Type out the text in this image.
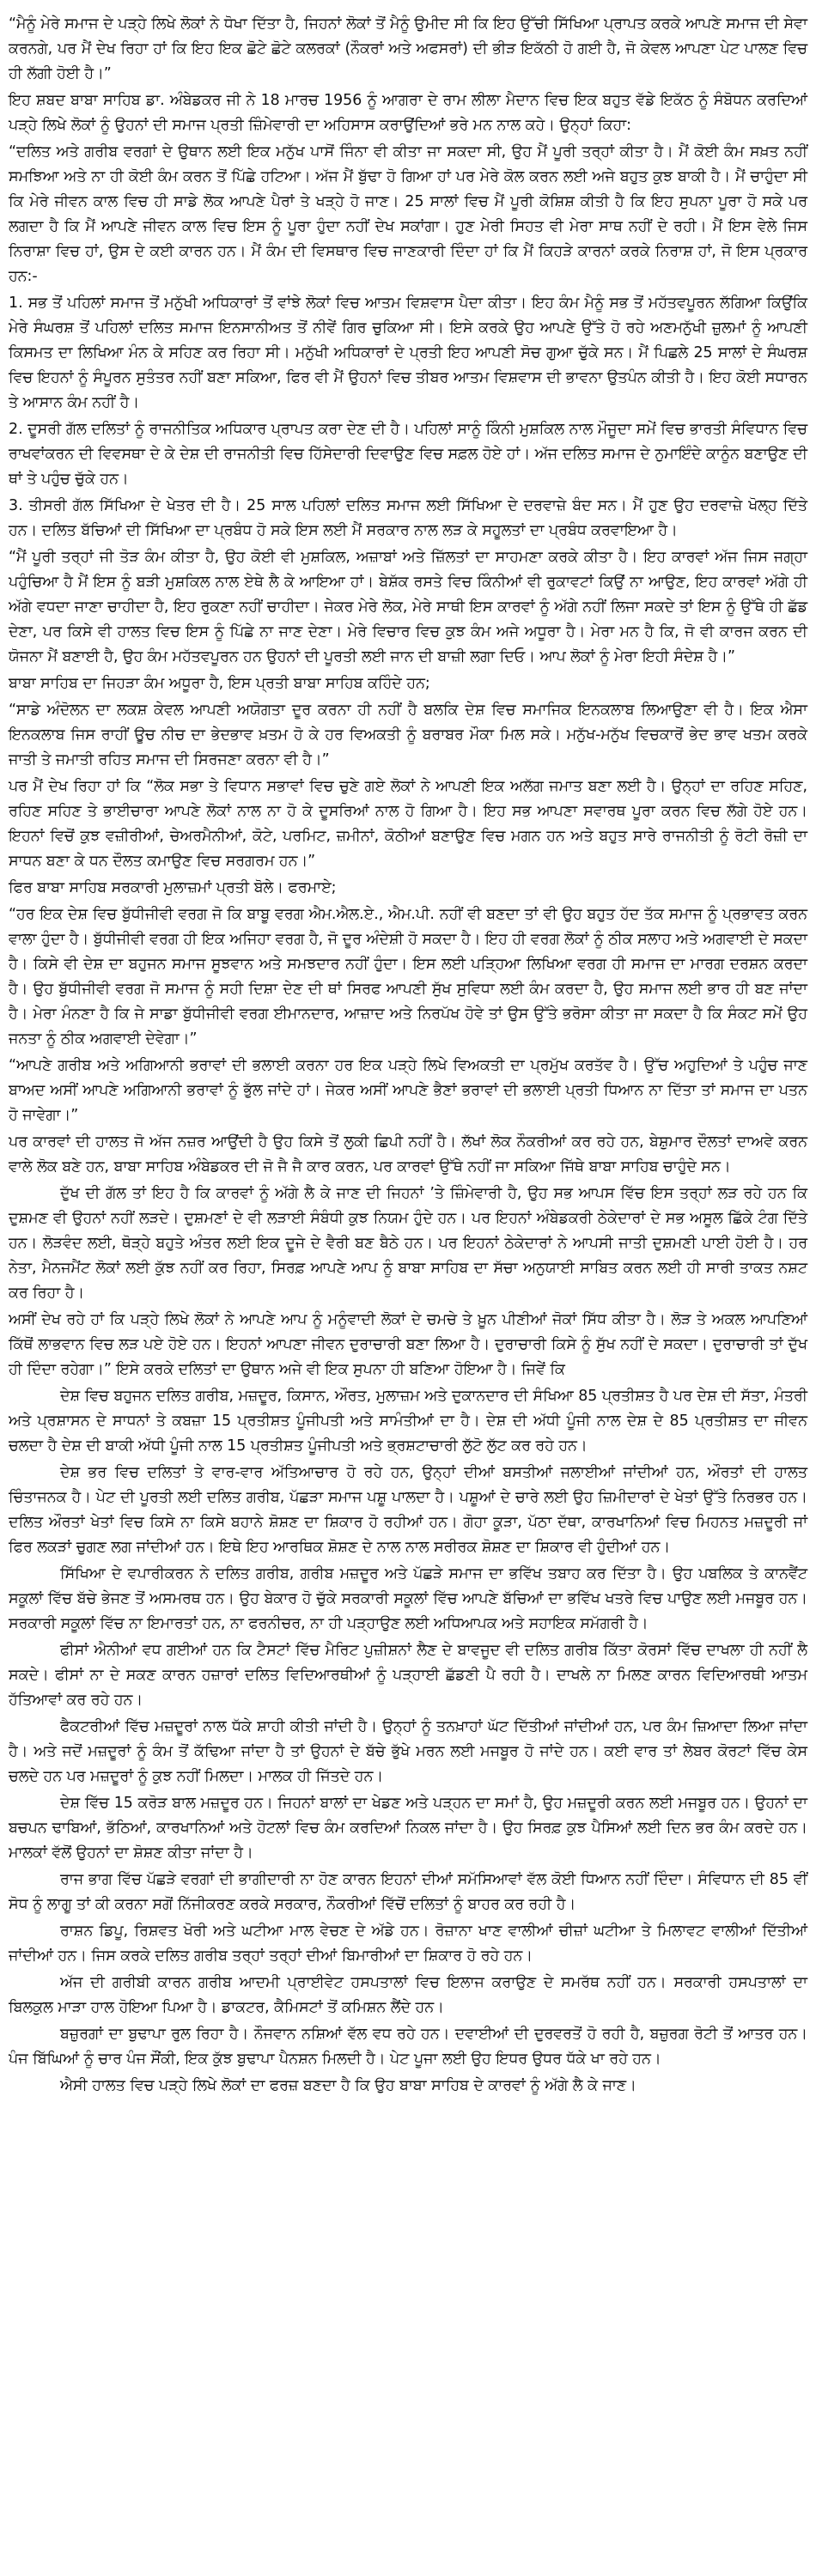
“ਮੈਨੂੰ ਮੇਰੇ ਸਮਾਜ ਦੇ ਪੜ੍ਹੇ ਲਿਖੇ ਲੋਕਾਂ ਨੇ ਧੋਖਾ ਦਿੱਤਾ ਹੈ, ਜਿਹਨਾਂ ਲੋਕਾਂ ਤੋਂ ਮੈਨੂੰ ਉਮੀਦ ਸੀ ਕਿ ਇਹ ਉੱਚੀ ਸਿੱਖਿਆ ਪ੍ਰਾਪਤ ਕਰਕੇ ਆਪਣੇ ਸਮਾਜ ਦੀ ਸੇਵਾ ਕਰਨਗੇ, ਪਰ ਮੈਂ ਦੇਖ ਰਿਹਾ ਹਾਂ ਕਿ ਇਹ ਇਕ ਛੋਟੇ ਛੋਟੇ ਕਲਰਕਾਂ (ਨੌਕਰਾਂ ਅਤੇ ਅਫਸਰਾਂ) ਦੀ ਭੀੜ ਇਕੱਠੀ ਹੋ ਗਈ ਹੈ, ਜੋ ਕੇਵਲ ਆਪਣਾ ਪੇਟ ਪਾਲਣ ਵਿਚ ਹੀ ਲੱਗੀ ਹੋਈ ਹੈ।”

ਇਹ ਸ਼ਬਦ ਬਾਬਾ ਸਾਹਿਬ ਡਾ. ਅੰਬੇਡਕਰ ਜੀ ਨੇ 18 ਮਾਰਚ 1956 ਨੂੰ ਆਗਰਾ ਦੇ ਰਾਮ ਲੀਲਾ ਮੈਦਾਨ ਵਿਚ ਇਕ ਬਹੁਤ ਵੱਡੇ ਇਕੱਠ ਨੂੰ ਸੰਬੋਧਨ ਕਰਦਿਆਂ ਪੜ੍ਹੇ ਲਿਖੇ ਲੋਕਾਂ ਨੂੰ ਉਹਨਾਂ ਦੀ ਸਮਾਜ ਪ੍ਰਤੀ ਜ਼ਿੰਮੇਵਾਰੀ ਦਾ ਅਹਿਸਾਸ ਕਰਾਉਂਦਿਆਂ ਭਰੇ ਮਨ ਨਾਲ ਕਹੇ। ਉਨ੍ਹਾਂ ਕਿਹਾ:

“ਦਲਿਤ ਅਤੇ ਗਰੀਬ ਵਰਗਾਂ ਦੇ ਉਥਾਨ ਲਈ ਇਕ ਮਨੁੱਖ ਪਾਸੋਂ ਜਿੰਨਾ ਵੀ ਕੀਤਾ ਜਾ ਸਕਦਾ ਸੀ, ਉਹ ਮੈਂ ਪੂਰੀ ਤਰ੍ਹਾਂ ਕੀਤਾ ਹੈ। ਮੈਂ ਕੋਈ ਕੰਮ ਸਖ਼ਤ ਨਹੀਂ ਸਮਝਿਆ ਅਤੇ ਨਾ ਹੀ ਕੋਈ ਕੰਮ ਕਰਨ ਤੋਂ ਪਿੱਛੇ ਹਟਿਆ। ਅੱਜ ਮੈਂ ਬੁੱਢਾ ਹੋ ਗਿਆ ਹਾਂ ਪਰ ਮੇਰੇ ਕੋਲ ਕਰਨ ਲਈ ਅਜੇ ਬਹੁਤ ਕੁਝ ਬਾਕੀ ਹੈ। ਮੈਂ ਚਾਹੁੰਦਾ ਸੀ ਕਿ ਮੇਰੇ ਜੀਵਨ ਕਾਲ ਵਿਚ ਹੀ ਸਾਡੇ ਲੋਕ ਆਪਣੇ ਪੈਰਾਂ ਤੇ ਖੜ੍ਹੇ ਹੋ ਜਾਣ। 25 ਸਾਲਾਂ ਵਿਚ ਮੈਂ ਪੂਰੀ ਕੋਸ਼ਿਸ਼ ਕੀਤੀ ਹੈ ਕਿ ਇਹ ਸੁਪਨਾ ਪੂਰਾ ਹੋ ਸਕੇ ਪਰ ਲਗਦਾ ਹੈ ਕਿ ਮੈਂ ਆਪਣੇ ਜੀਵਨ ਕਾਲ ਵਿਚ ਇਸ ਨੂੰ ਪੂਰਾ ਹੁੰਦਾ ਨਹੀਂ ਦੇਖ ਸਕਾਂਗਾ। ਹੁਣ ਮੇਰੀ ਸਿਹਤ ਵੀ ਮੇਰਾ ਸਾਥ ਨਹੀਂ ਦੇ ਰਹੀ। ਮੈਂ ਇਸ ਵੇਲੇ ਜਿਸ ਨਿਰਾਸ਼ਾ ਵਿਚ ਹਾਂ, ਉਸ ਦੇ ਕਈ ਕਾਰਨ ਹਨ। ਮੈਂ ਕੰਮ ਦੀ ਵਿਸਥਾਰ ਵਿਚ ਜਾਣਕਾਰੀ ਦਿੰਦਾ ਹਾਂ ਕਿ ਮੈਂ ਕਿਹੜੇ ਕਾਰਨਾਂ ਕਰਕੇ ਨਿਰਾਸ਼ ਹਾਂ, ਜੋ ਇਸ ਪ੍ਰਕਾਰ ਹਨ:-

1. ਸਭ ਤੋਂ ਪਹਿਲਾਂ ਸਮਾਜ ਤੋਂ ਮਨੁੱਖੀ ਅਧਿਕਾਰਾਂ ਤੋਂ ਵਾਂਝੇ ਲੋਕਾਂ ਵਿਚ ਆਤਮ ਵਿਸ਼ਵਾਸ ਪੈਦਾ ਕੀਤਾ। ਇਹ ਕੰਮ ਮੈਨੂੰ ਸਭ ਤੋਂ ਮਹੱਤਵਪੂਰਨ ਲੱਗਿਆ ਕਿਉਂਕਿ ਮੇਰੇ ਸੰਘਰਸ਼ ਤੋਂ ਪਹਿਲਾਂ ਦਲਿਤ ਸਮਾਜ ਇਨਸਾਨੀਅਤ ਤੋਂ ਨੀਵੇਂ ਗਿਰ ਚੁਕਿਆ ਸੀ। ਇਸੇ ਕਰਕੇ ਉਹ ਆਪਣੇ ਉੱਤੇ ਹੋ ਰਹੇ ਅਣਮਨੁੱਖੀ ਜ਼ੁਲਮਾਂ ਨੂੰ ਆਪਣੀ ਕਿਸਮਤ ਦਾ ਲਿਖਿਆ ਮੰਨ ਕੇ ਸਹਿਣ ਕਰ ਰਿਹਾ ਸੀ। ਮਨੁੱਖੀ ਅਧਿਕਾਰਾਂ ਦੇ ਪ੍ਰਤੀ ਇਹ ਆਪਣੀ ਸੋਚ ਗੁਆ ਚੁੱਕੇ ਸਨ। ਮੈਂ ਪਿਛਲੇ 25 ਸਾਲਾਂ ਦੇ ਸੰਘਰਸ਼ ਵਿਚ ਇਹਨਾਂ ਨੂੰ ਸੰਪੂਰਨ ਸੁਤੰਤਰ ਨਹੀਂ ਬਣਾ ਸਕਿਆ, ਫਿਰ ਵੀ ਮੈਂ ਉਹਨਾਂ ਵਿਚ ਤੀਬਰ ਆਤਮ ਵਿਸ਼ਵਾਸ ਦੀ ਭਾਵਨਾ ਉਤਪੰਨ ਕੀਤੀ ਹੈ। ਇਹ ਕੋਈ ਸਧਾਰਨ ਤੇ ਆਸਾਨ ਕੰਮ ਨਹੀਂ ਹੈ।

2. ਦੂਸਰੀ ਗੱਲ ਦਲਿਤਾਂ ਨੂੰ ਰਾਜਨੀਤਿਕ ਅਧਿਕਾਰ ਪ੍ਰਾਪਤ ਕਰਾ ਦੇਣ ਦੀ ਹੈ। ਪਹਿਲਾਂ ਸਾਨੂੰ ਕਿੰਨੀ ਮੁਸ਼ਕਿਲ ਨਾਲ ਮੌਜੂਦਾ ਸਮੇਂ ਵਿਚ ਭਾਰਤੀ ਸੰਵਿਧਾਨ ਵਿਚ ਰਾਖਵਾਂਕਰਨ ਦੀ ਵਿਵਸਥਾ ਦੇ ਕੇ ਦੇਸ਼ ਦੀ ਰਾਜਨੀਤੀ ਵਿਚ ਹਿੱਸੇਦਾਰੀ ਦਿਵਾਉਣ ਵਿਚ ਸਫ਼ਲ ਹੋਏ ਹਾਂ। ਅੱਜ ਦਲਿਤ ਸਮਾਜ ਦੇ ਨੁਮਾਇੰਦੇ ਕਾਨੂੰਨ ਬਣਾਉਣ ਦੀ ਥਾਂ ਤੇ ਪਹੁੰਚ ਚੁੱਕੇ ਹਨ।

3. ਤੀਸਰੀ ਗੱਲ ਸਿੱਖਿਆ ਦੇ ਖੇਤਰ ਦੀ ਹੈ। 25 ਸਾਲ ਪਹਿਲਾਂ ਦਲਿਤ ਸਮਾਜ ਲਈ ਸਿੱਖਿਆ ਦੇ ਦਰਵਾਜ਼ੇ ਬੰਦ ਸਨ। ਮੈਂ ਹੁਣ ਉਹ ਦਰਵਾਜ਼ੇ ਖੋਲ੍ਹ ਦਿੱਤੇ ਹਨ। ਦਲਿਤ ਬੱਚਿਆਂ ਦੀ ਸਿੱਖਿਆ ਦਾ ਪ੍ਰਬੰਧ ਹੋ ਸਕੇ ਇਸ ਲਈ ਮੈਂ ਸਰਕਾਰ ਨਾਲ ਲੜ ਕੇ ਸਹੂਲਤਾਂ ਦਾ ਪ੍ਰਬੰਧ ਕਰਵਾਇਆ ਹੈ।

“ਮੈਂ ਪੂਰੀ ਤਰ੍ਹਾਂ ਜੀ ਤੋੜ ਕੰਮ ਕੀਤਾ ਹੈ, ਉਹ ਕੋਈ ਵੀ ਮੁਸ਼ਕਿਲ, ਅਜ਼ਾਬਾਂ ਅਤੇ ਜ਼ਿੱਲਤਾਂ ਦਾ ਸਾਹਮਣਾ ਕਰਕੇ ਕੀਤਾ ਹੈ। ਇਹ ਕਾਰਵਾਂ ਅੱਜ ਜਿਸ ਜਗ੍ਹਾ ਪਹੁੰਚਿਆ ਹੈ ਮੈਂ ਇਸ ਨੂੰ ਬੜੀ ਮੁਸ਼ਕਿਲ ਨਾਲ ਏਥੇ ਲੈ ਕੇ ਆਇਆ ਹਾਂ। ਬੇਸ਼ੱਕ ਰਸਤੇ ਵਿਚ ਕਿੰਨੀਆਂ ਵੀ ਰੁਕਾਵਟਾਂ ਕਿਉਂ ਨਾ ਆਉਣ, ਇਹ ਕਾਰਵਾਂ ਅੱਗੇ ਹੀ ਅੱਗੇ ਵਧਦਾ ਜਾਣਾ ਚਾਹੀਦਾ ਹੈ, ਇਹ ਰੁਕਣਾ ਨਹੀਂ ਚਾਹੀਦਾ। ਜੇਕਰ ਮੇਰੇ ਲੋਕ, ਮੇਰੇ ਸਾਥੀ ਇਸ ਕਾਰਵਾਂ ਨੂੰ ਅੱਗੇ ਨਹੀਂ ਲਿਜਾ ਸਕਦੇ ਤਾਂ ਇਸ ਨੂੰ ਉੱਥੇ ਹੀ ਛੱਡ ਦੇਣਾ, ਪਰ ਕਿਸੇ ਵੀ ਹਾਲਤ ਵਿਚ ਇਸ ਨੂੰ ਪਿੱਛੇ ਨਾ ਜਾਣ ਦੇਣਾ। ਮੇਰੇ ਵਿਚਾਰ ਵਿਚ ਕੁਝ ਕੰਮ ਅਜੇ ਅਧੂਰਾ ਹੈ। ਮੇਰਾ ਮਨ ਹੈ ਕਿ, ਜੋ ਵੀ ਕਾਰਜ ਕਰਨ ਦੀ ਯੋਜਨਾ ਮੈਂ ਬਣਾਈ ਹੈ, ਉਹ ਕੰਮ ਮਹੱਤਵਪੂਰਨ ਹਨ ਉਹਨਾਂ ਦੀ ਪੂਰਤੀ ਲਈ ਜਾਨ ਦੀ ਬਾਜ਼ੀ ਲਗਾ ਦਿਓ। ਆਪ ਲੋਕਾਂ ਨੂੰ ਮੇਰਾ ਇਹੀ ਸੰਦੇਸ਼ ਹੈ।”

ਬਾਬਾ ਸਾਹਿਬ ਦਾ ਜਿਹੜਾ ਕੰਮ ਅਧੂਰਾ ਹੈ, ਇਸ ਪ੍ਰਤੀ ਬਾਬਾ ਸਾਹਿਬ ਕਹਿੰਦੇ ਹਨ;

“ਸਾਡੇ ਅੰਦੋਲਨ ਦਾ ਲਕਸ਼ ਕੇਵਲ ਆਪਣੀ ਅਯੋਗਤਾ ਦੂਰ ਕਰਨਾ ਹੀ ਨਹੀਂ ਹੈ ਬਲਕਿ ਦੇਸ਼ ਵਿਚ ਸਮਾਜਿਕ ਇਨਕਲਾਬ ਲਿਆਉਣਾ ਵੀ ਹੈ। ਇਕ ਐਸਾ ਇਨਕਲਾਬ ਜਿਸ ਰਾਹੀਂ ਊਚ ਨੀਚ ਦਾ ਭੇਦਭਾਵ ਖ਼ਤਮ ਹੋ ਕੇ ਹਰ ਵਿਅਕਤੀ ਨੂੰ ਬਰਾਬਰ ਮੌਕਾ ਮਿਲ ਸਕੇ। ਮਨੁੱਖ-ਮਨੁੱਖ ਵਿਚਕਾਰੋਂ ਭੇਦ ਭਾਵ ਖਤਮ ਕਰਕੇ ਜਾਤੀ ਤੇ ਜਮਾਤੀ ਰਹਿਤ ਸਮਾਜ ਦੀ ਸਿਰਜਣਾ ਕਰਨਾ ਵੀ ਹੈ।”

ਪਰ ਮੈਂ ਦੇਖ ਰਿਹਾ ਹਾਂ ਕਿ “ਲੋਕ ਸਭਾ ਤੇ ਵਿਧਾਨ ਸਭਾਵਾਂ ਵਿਚ ਚੁਣੇ ਗਏ ਲੋਕਾਂ ਨੇ ਆਪਣੀ ਇਕ ਅਲੱਗ ਜਮਾਤ ਬਣਾ ਲਈ ਹੈ। ਉਨ੍ਹਾਂ ਦਾ ਰਹਿਣ ਸਹਿਣ, ਰਹਿਣ ਸਹਿਣ ਤੇ ਭਾਈਚਾਰਾ ਆਪਣੇ ਲੋਕਾਂ ਨਾਲ ਨਾ ਹੋ ਕੇ ਦੂਸਰਿਆਂ ਨਾਲ ਹੋ ਗਿਆ ਹੈ। ਇਹ ਸਭ ਆਪਣਾ ਸਵਾਰਥ ਪੂਰਾ ਕਰਨ ਵਿਚ ਲੱਗੇ ਹੋਏ ਹਨ। ਇਹਨਾਂ ਵਿਚੋਂ ਕੁਝ ਵਜ਼ੀਰੀਆਂ, ਚੇਅਰਮੈਨੀਆਂ, ਕੋਟੇ, ਪਰਮਿਟ, ਜ਼ਮੀਨਾਂ, ਕੋਠੀਆਂ ਬਣਾਉਣ ਵਿਚ ਮਗਨ ਹਨ ਅਤੇ ਬਹੁਤ ਸਾਰੇ ਰਾਜਨੀਤੀ ਨੂੰ ਰੋਟੀ ਰੋਜ਼ੀ ਦਾ ਸਾਧਨ ਬਣਾ ਕੇ ਧਨ ਦੌਲਤ ਕਮਾਉਣ ਵਿਚ ਸਰਗਰਮ ਹਨ।”

ਫਿਰ ਬਾਬਾ ਸਾਹਿਬ ਸਰਕਾਰੀ ਮੁਲਾਜ਼ਮਾਂ ਪ੍ਰਤੀ ਬੋਲੇ। ਫਰਮਾਏ;

“ਹਰ ਇਕ ਦੇਸ਼ ਵਿਚ ਬੁੱਧੀਜੀਵੀ ਵਰਗ ਜੋ ਕਿ ਬਾਬੂ ਵਰਗ ਐਮ.ਐਲ.ਏ., ਐਮ.ਪੀ. ਨਹੀਂ ਵੀ ਬਣਦਾ ਤਾਂ ਵੀ ਉਹ ਬਹੁਤ ਹੱਦ ਤੱਕ ਸਮਾਜ ਨੂੰ ਪ੍ਰਭਾਵਤ ਕਰਨ ਵਾਲਾ ਹੁੰਦਾ ਹੈ। ਬੁੱਧੀਜੀਵੀ ਵਰਗ ਹੀ ਇਕ ਅਜਿਹਾ ਵਰਗ ਹੈ, ਜੋ ਦੂਰ ਅੰਦੇਸ਼ੀ ਹੋ ਸਕਦਾ ਹੈ। ਇਹ ਹੀ ਵਰਗ ਲੋਕਾਂ ਨੂੰ ਠੀਕ ਸਲਾਹ ਅਤੇ ਅਗਵਾਈ ਦੇ ਸਕਦਾ ਹੈ। ਕਿਸੇ ਵੀ ਦੇਸ਼ ਦਾ ਬਹੁਜਨ ਸਮਾਜ ਸੂਝਵਾਨ ਅਤੇ ਸਮਝਦਾਰ ਨਹੀਂ ਹੁੰਦਾ। ਇਸ ਲਈ ਪੜ੍ਹਿਆ ਲਿਖਿਆ ਵਰਗ ਹੀ ਸਮਾਜ ਦਾ ਮਾਰਗ ਦਰਸ਼ਨ ਕਰਦਾ ਹੈ। ਉਹ ਬੁੱਧੀਜੀਵੀ ਵਰਗ ਜੋ ਸਮਾਜ ਨੂੰ ਸਹੀ ਦਿਸ਼ਾ ਦੇਣ ਦੀ ਥਾਂ ਸਿਰਫ ਆਪਣੀ ਸੁੱਖ ਸੁਵਿਧਾ ਲਈ ਕੰਮ ਕਰਦਾ ਹੈ, ਉਹ ਸਮਾਜ ਲਈ ਭਾਰ ਹੀ ਬਣ ਜਾਂਦਾ ਹੈ। ਮੇਰਾ ਮੰਨਣਾ ਹੈ ਕਿ ਜੇ ਸਾਡਾ ਬੁੱਧੀਜੀਵੀ ਵਰਗ ਈਮਾਨਦਾਰ, ਆਜ਼ਾਦ ਅਤੇ ਨਿਰਪੱਖ ਹੋਵੇ ਤਾਂ ਉਸ ਉੱਤੇ ਭਰੋਸਾ ਕੀਤਾ ਜਾ ਸਕਦਾ ਹੈ ਕਿ ਸੰਕਟ ਸਮੇਂ ਉਹ ਜਨਤਾ ਨੂੰ ਠੀਕ ਅਗਵਾਈ ਦੇਵੇਗਾ।”

“ਆਪਣੇ ਗਰੀਬ ਅਤੇ ਅਗਿਆਨੀ ਭਰਾਵਾਂ ਦੀ ਭਲਾਈ ਕਰਨਾ ਹਰ ਇਕ ਪੜ੍ਹੇ ਲਿਖੇ ਵਿਅਕਤੀ ਦਾ ਪ੍ਰਮੁੱਖ ਕਰਤੱਵ ਹੈ। ਉੱਚ ਅਹੁਦਿਆਂ ਤੇ ਪਹੁੰਚ ਜਾਣ ਬਾਅਦ ਅਸੀਂ ਆਪਣੇ ਅਗਿਆਨੀ ਭਰਾਵਾਂ ਨੂੰ ਭੁੱਲ ਜਾਂਦੇ ਹਾਂ। ਜੇਕਰ ਅਸੀਂ ਆਪਣੇ ਭੈਣਾਂ ਭਰਾਵਾਂ ਦੀ ਭਲਾਈ ਪ੍ਰਤੀ ਧਿਆਨ ਨਾ ਦਿੱਤਾ ਤਾਂ ਸਮਾਜ ਦਾ ਪਤਨ ਹੋ ਜਾਵੇਗਾ।”

ਪਰ ਕਾਰਵਾਂ ਦੀ ਹਾਲਤ ਜੋ ਅੱਜ ਨਜ਼ਰ ਆਉਂਦੀ ਹੈ ਉਹ ਕਿਸੇ ਤੋਂ ਲੁਕੀ ਛਿਪੀ ਨਹੀਂ ਹੈ। ਲੱਖਾਂ ਲੋਕ ਨੌਕਰੀਆਂ ਕਰ ਰਹੇ ਹਨ, ਬੇਸ਼ੁਮਾਰ ਦੌਲਤਾਂ ਦਾਅਵੇ ਕਰਨ ਵਾਲੇ ਲੋਕ ਬਣੇ ਹਨ, ਬਾਬਾ ਸਾਹਿਬ ਅੰਬੇਡਕਰ ਦੀ ਜੋ ਜੈ ਜੈ ਕਾਰ ਕਰਨ, ਪਰ ਕਾਰਵਾਂ ਉੱਥੇ ਨਹੀਂ ਜਾ ਸਕਿਆ ਜਿੱਥੇ ਬਾਬਾ ਸਾਹਿਬ ਚਾਹੁੰਦੇ ਸਨ।

ਦੁੱਖ ਦੀ ਗੱਲ ਤਾਂ ਇਹ ਹੈ ਕਿ ਕਾਰਵਾਂ ਨੂੰ ਅੱਗੇ ਲੈ ਕੇ ਜਾਣ ਦੀ ਜਿਹਨਾਂ ’ਤੇ ਜ਼ਿੰਮੇਵਾਰੀ ਹੈ, ਉਹ ਸਭ ਆਪਸ ਵਿੱਚ ਇਸ ਤਰ੍ਹਾਂ ਲੜ ਰਹੇ ਹਨ ਕਿ ਦੁਸ਼ਮਣ ਵੀ ਉਹਨਾਂ ਨਹੀਂ ਲੜਦੇ। ਦੁਸ਼ਮਣਾਂ ਦੇ ਵੀ ਲੜਾਈ ਸੰਬੰਧੀ ਕੁਝ ਨਿਯਮ ਹੁੰਦੇ ਹਨ। ਪਰ ਇਹਨਾਂ ਅੰਬੇਡਕਰੀ ਠੇਕੇਦਾਰਾਂ ਦੇ ਸਭ ਅਸੂਲ ਛਿੱਕੇ ਟੰਗ ਦਿੱਤੇ ਹਨ। ਲੋੜਵੰਦ ਲਈ, ਥੋੜ੍ਹੇ ਬਹੁਤੇ ਅੰਤਰ ਲਈ ਇਕ ਦੂਜੇ ਦੇ ਵੈਰੀ ਬਣ ਬੈਠੇ ਹਨ। ਪਰ ਇਹਨਾਂ ਠੇਕੇਦਾਰਾਂ ਨੇ ਆਪਸੀ ਜਾਤੀ ਦੁਸ਼ਮਣੀ ਪਾਈ ਹੋਈ ਹੈ। ਹਰ ਨੇਤਾ, ਮੈਨਜਮੈਂਟ ਲੋਕਾਂ ਲਈ ਕੁੱਝ ਨਹੀਂ ਕਰ ਰਿਹਾ, ਸਿਰਫ਼ ਆਪਣੇ ਆਪ ਨੂੰ ਬਾਬਾ ਸਾਹਿਬ ਦਾ ਸੱਚਾ ਅਨੁਯਾਈ ਸਾਬਿਤ ਕਰਨ ਲਈ ਹੀ ਸਾਰੀ ਤਾਕਤ ਨਸ਼ਟ ਕਰ ਰਿਹਾ ਹੈ।

ਅਸੀਂ ਦੇਖ ਰਹੇ ਹਾਂ ਕਿ ਪੜ੍ਹੇ ਲਿਖੇ ਲੋਕਾਂ ਨੇ ਆਪਣੇ ਆਪ ਨੂੰ ਮਨੂੰਵਾਦੀ ਲੋਕਾਂ ਦੇ ਚਮਚੇ ਤੇ ਖ਼ੂਨ ਪੀਣੀਆਂ ਜੋਕਾਂ ਸਿੱਧ ਕੀਤਾ ਹੈ। ਲੋੜ ਤੇ ਅਕਲ ਆਪਣਿਆਂ ਕਿੱਥੋਂ ਲਾਭਵਾਨ ਵਿਚ ਲੜ ਪਏ ਹੋਏ ਹਨ। ਇਹਨਾਂ ਆਪਣਾ ਜੀਵਨ ਦੁਰਾਚਾਰੀ ਬਣਾ ਲਿਆ ਹੈ। ਦੁਰਾਚਾਰੀ ਕਿਸੇ ਨੂੰ ਸੁੱਖ ਨਹੀਂ ਦੇ ਸਕਦਾ। ਦੁਰਾਚਾਰੀ ਤਾਂ ਦੁੱਖ ਹੀ ਦਿੰਦਾ ਰਹੇਗਾ।” ਇਸੇ ਕਰਕੇ ਦਲਿਤਾਂ ਦਾ ਉਥਾਨ ਅਜੇ ਵੀ ਇਕ ਸੁਪਨਾ ਹੀ ਬਣਿਆ ਹੋਇਆ ਹੈ। ਜਿਵੇਂ ਕਿ

ਦੇਸ਼ ਵਿਚ ਬਹੁਜਨ ਦਲਿਤ ਗਰੀਬ, ਮਜ਼ਦੂਰ, ਕਿਸਾਨ, ਔਰਤ, ਮੁਲਾਜ਼ਮ ਅਤੇ ਦੁਕਾਨਦਾਰ ਦੀ ਸੰਖਿਆ 85 ਪ੍ਰਤੀਸ਼ਤ ਹੈ ਪਰ ਦੇਸ਼ ਦੀ ਸੱਤਾ, ਮੰਤਰੀ ਅਤੇ ਪ੍ਰਸ਼ਾਸਨ ਦੇ ਸਾਧਨਾਂ ਤੇ ਕਬਜ਼ਾ 15 ਪ੍ਰਤੀਸ਼ਤ ਪੂੰਜੀਪਤੀ ਅਤੇ ਸਾਮੰਤੀਆਂ ਦਾ ਹੈ। ਦੇਸ਼ ਦੀ ਅੱਧੀ ਪੂੰਜੀ ਨਾਲ ਦੇਸ਼ ਦੇ 85 ਪ੍ਰਤੀਸ਼ਤ ਦਾ ਜੀਵਨ ਚਲਦਾ ਹੈ ਦੇਸ਼ ਦੀ ਬਾਕੀ ਅੱਧੀ ਪੂੰਜੀ ਨਾਲ 15 ਪ੍ਰਤੀਸ਼ਤ ਪੂੰਜੀਪਤੀ ਅਤੇ ਭ੍ਰਸ਼ਟਾਚਾਰੀ ਲੁੱਟੋ ਲੁੱਟ ਕਰ ਰਹੇ ਹਨ।

ਦੇਸ਼ ਭਰ ਵਿਚ ਦਲਿਤਾਂ ਤੇ ਵਾਰ-ਵਾਰ ਅੱਤਿਆਚਾਰ ਹੋ ਰਹੇ ਹਨ, ਉਨ੍ਹਾਂ ਦੀਆਂ ਬਸਤੀਆਂ ਜਲਾਈਆਂ ਜਾਂਦੀਆਂ ਹਨ, ਔਰਤਾਂ ਦੀ ਹਾਲਤ ਚਿੰਤਾਜਨਕ ਹੈ। ਪੇਟ ਦੀ ਪੂਰਤੀ ਲਈ ਦਲਿਤ ਗਰੀਬ, ਪੱਛੜਾ ਸਮਾਜ ਪਸ਼ੂ ਪਾਲਦਾ ਹੈ। ਪਸ਼ੂਆਂ ਦੇ ਚਾਰੇ ਲਈ ਉਹ ਜ਼ਿਮੀਦਾਰਾਂ ਦੇ ਖੇਤਾਂ ਉੱਤੇ ਨਿਰਭਰ ਹਨ। ਦਲਿਤ ਔਰਤਾਂ ਖੇਤਾਂ ਵਿਚ ਕਿਸੇ ਨਾ ਕਿਸੇ ਬਹਾਨੇ ਸ਼ੋਸ਼ਣ ਦਾ ਸ਼ਿਕਾਰ ਹੋ ਰਹੀਆਂ ਹਨ। ਗੋਹਾ ਕੂੜਾ, ਪੱਠਾ ਦੱਥਾ, ਕਾਰਖਾਨਿਆਂ ਵਿਚ ਮਿਹਨਤ ਮਜ਼ਦੂਰੀ ਜਾਂ ਫਿਰ ਲਕੜਾਂ ਚੁਗਣ ਲਗ ਜਾਂਦੀਆਂ ਹਨ। ਇਥੇ ਇਹ ਆਰਥਿਕ ਸ਼ੋਸ਼ਣ ਦੇ ਨਾਲ ਨਾਲ ਸਰੀਰਕ ਸ਼ੋਸ਼ਣ ਦਾ ਸ਼ਿਕਾਰ ਵੀ ਹੁੰਦੀਆਂ ਹਨ।

ਸਿੱਖਿਆ ਦੇ ਵਪਾਰੀਕਰਨ ਨੇ ਦਲਿਤ ਗਰੀਬ, ਗਰੀਬ ਮਜ਼ਦੂਰ ਅਤੇ ਪੱਛੜੇ ਸਮਾਜ ਦਾ ਭਵਿੱਖ ਤਬਾਹ ਕਰ ਦਿੱਤਾ ਹੈ। ਉਹ ਪਬਲਿਕ ਤੇ ਕਾਨਵੈਂਟ ਸਕੂਲਾਂ ਵਿੱਚ ਬੱਚੇ ਭੇਜਣ ਤੋਂ ਅਸਮਰਥ ਹਨ। ਉਹ ਬੇਕਾਰ ਹੋ ਚੁੱਕੇ ਸਰਕਾਰੀ ਸਕੂਲਾਂ ਵਿੱਚ ਆਪਣੇ ਬੱਚਿਆਂ ਦਾ ਭਵਿੱਖ ਖਤਰੇ ਵਿਚ ਪਾਉਣ ਲਈ ਮਜਬੂਰ ਹਨ। ਸਰਕਾਰੀ ਸਕੂਲਾਂ ਵਿੱਚ ਨਾ ਇਮਾਰਤਾਂ ਹਨ, ਨਾ ਫਰਨੀਚਰ, ਨਾ ਹੀ ਪੜ੍ਹਾਉਣ ਲਈ ਅਧਿਆਪਕ ਅਤੇ ਸਹਾਇਕ ਸਮੱਗਰੀ ਹੈ।

ਫੀਸਾਂ ਐਨੀਆਂ ਵਧ ਗਈਆਂ ਹਨ ਕਿ ਟੈਸਟਾਂ ਵਿੱਚ ਮੈਰਿਟ ਪੁਜ਼ੀਸ਼ਨਾਂ ਲੈਣ ਦੇ ਬਾਵਜੂਦ ਵੀ ਦਲਿਤ ਗਰੀਬ ਕਿੱਤਾ ਕੋਰਸਾਂ ਵਿੱਚ ਦਾਖਲਾ ਹੀ ਨਹੀਂ ਲੈ ਸਕਦੇ। ਫੀਸਾਂ ਨਾ ਦੇ ਸਕਣ ਕਾਰਨ ਹਜ਼ਾਰਾਂ ਦਲਿਤ ਵਿਦਿਆਰਥੀਆਂ ਨੂੰ ਪੜ੍ਹਾਈ ਛੱਡਣੀ ਪੈ ਰਹੀ ਹੈ। ਦਾਖਲੇ ਨਾ ਮਿਲਣ ਕਾਰਨ ਵਿਦਿਆਰਥੀ ਆਤਮ ਹੱਤਿਆਵਾਂ ਕਰ ਰਹੇ ਹਨ।

ਫੈਕਟਰੀਆਂ ਵਿੱਚ ਮਜ਼ਦੂਰਾਂ ਨਾਲ ਧੱਕੇ ਸ਼ਾਹੀ ਕੀਤੀ ਜਾਂਦੀ ਹੈ। ਉਨ੍ਹਾਂ ਨੂੰ ਤਨਖ਼ਾਹਾਂ ਘੱਟ ਦਿੱਤੀਆਂ ਜਾਂਦੀਆਂ ਹਨ, ਪਰ ਕੰਮ ਜ਼ਿਆਦਾ ਲਿਆ ਜਾਂਦਾ ਹੈ। ਅਤੇ ਜਦੋਂ ਮਜ਼ਦੂਰਾਂ ਨੂੰ ਕੰਮ ਤੋਂ ਕੱਢਿਆ ਜਾਂਦਾ ਹੈ ਤਾਂ ਉਹਨਾਂ ਦੇ ਬੱਚੇ ਭੁੱਖੇ ਮਰਨ ਲਈ ਮਜਬੂਰ ਹੋ ਜਾਂਦੇ ਹਨ। ਕਈ ਵਾਰ ਤਾਂ ਲੇਬਰ ਕੋਰਟਾਂ ਵਿੱਚ ਕੇਸ ਚਲਦੇ ਹਨ ਪਰ ਮਜ਼ਦੂਰਾਂ ਨੂੰ ਕੁਝ ਨਹੀਂ ਮਿਲਦਾ। ਮਾਲਕ ਹੀ ਜਿੱਤਦੇ ਹਨ।

ਦੇਸ਼ ਵਿੱਚ 15 ਕਰੋੜ ਬਾਲ ਮਜ਼ਦੂਰ ਹਨ। ਜਿਹਨਾਂ ਬਾਲਾਂ ਦਾ ਖੇਡਣ ਅਤੇ ਪੜ੍ਹਨ ਦਾ ਸਮਾਂ ਹੈ, ਉਹ ਮਜ਼ਦੂਰੀ ਕਰਨ ਲਈ ਮਜਬੂਰ ਹਨ। ਉਹਨਾਂ ਦਾ ਬਚਪਨ ਢਾਬਿਆਂ, ਭੱਠਿਆਂ, ਕਾਰਖਾਨਿਆਂ ਅਤੇ ਹੋਟਲਾਂ ਵਿਚ ਕੰਮ ਕਰਦਿਆਂ ਨਿਕਲ ਜਾਂਦਾ ਹੈ। ਉਹ ਸਿਰਫ਼ ਕੁਝ ਪੈਸਿਆਂ ਲਈ ਦਿਨ ਭਰ ਕੰਮ ਕਰਦੇ ਹਨ। ਮਾਲਕਾਂ ਵੱਲੋਂ ਉਹਨਾਂ ਦਾ ਸ਼ੋਸ਼ਣ ਕੀਤਾ ਜਾਂਦਾ ਹੈ।

ਰਾਜ ਭਾਗ ਵਿੱਚ ਪੱਛੜੇ ਵਰਗਾਂ ਦੀ ਭਾਗੀਦਾਰੀ ਨਾ ਹੋਣ ਕਾਰਨ ਇਹਨਾਂ ਦੀਆਂ ਸਮੱਸਿਆਵਾਂ ਵੱਲ ਕੋਈ ਧਿਆਨ ਨਹੀਂ ਦਿੰਦਾ। ਸੰਵਿਧਾਨ ਦੀ 85 ਵੀਂ ਸੋਧ ਨੂੰ ਲਾਗੂ ਤਾਂ ਕੀ ਕਰਨਾ ਸਗੋਂ ਨਿੱਜੀਕਰਣ ਕਰਕੇ ਸਰਕਾਰ, ਨੌਕਰੀਆਂ ਵਿੱਚੋਂ ਦਲਿਤਾਂ ਨੂੰ ਬਾਹਰ ਕਰ ਰਹੀ ਹੈ।

ਰਾਸ਼ਨ ਡਿਪੂ, ਰਿਸ਼ਵਤ ਖੋਰੀ ਅਤੇ ਘਟੀਆ ਮਾਲ ਵੇਚਣ ਦੇ ਅੱਡੇ ਹਨ। ਰੋਜ਼ਾਨਾ ਖਾਣ ਵਾਲੀਆਂ ਚੀਜ਼ਾਂ ਘਟੀਆ ਤੇ ਮਿਲਾਵਟ ਵਾਲੀਆਂ ਦਿੱਤੀਆਂ ਜਾਂਦੀਆਂ ਹਨ। ਜਿਸ ਕਰਕੇ ਦਲਿਤ ਗਰੀਬ ਤਰ੍ਹਾਂ ਤਰ੍ਹਾਂ ਦੀਆਂ ਬਿਮਾਰੀਆਂ ਦਾ ਸ਼ਿਕਾਰ ਹੋ ਰਹੇ ਹਨ।

ਅੱਜ ਦੀ ਗਰੀਬੀ ਕਾਰਨ ਗਰੀਬ ਆਦਮੀ ਪ੍ਰਾਈਵੇਟ ਹਸਪਤਾਲਾਂ ਵਿਚ ਇਲਾਜ ਕਰਾਉਣ ਦੇ ਸਮਰੱਥ ਨਹੀਂ ਹਨ। ਸਰਕਾਰੀ ਹਸਪਤਾਲਾਂ ਦਾ ਬਿਲਕੁਲ ਮਾੜਾ ਹਾਲ ਹੋਇਆ ਪਿਆ ਹੈ। ਡਾਕਟਰ, ਕੈਮਿਸਟਾਂ ਤੋਂ ਕਮਿਸ਼ਨ ਲੈਂਦੇ ਹਨ।

ਬਜ਼ੁਰਗਾਂ ਦਾ ਬੁਢਾਪਾ ਰੁਲ ਰਿਹਾ ਹੈ। ਨੌਜਵਾਨ ਨਸ਼ਿਆਂ ਵੱਲ ਵਧ ਰਹੇ ਹਨ। ਦਵਾਈਆਂ ਦੀ ਦੁਰਵਰਤੋਂ ਹੋ ਰਹੀ ਹੈ, ਬਜ਼ੁਰਗ ਰੋਟੀ ਤੋਂ ਆਤਰ ਹਨ। ਪੰਜ ਬਿੱਘਿਆਂ ਨੂੰ ਚਾਰ ਪੰਜ ਸੌਂਕੀ, ਇਕ ਕੁੱਝ ਬੁਢਾਪਾ ਪੈਨਸ਼ਨ ਮਿਲਦੀ ਹੈ। ਪੇਟ ਪੂਜਾ ਲਈ ਉਹ ਇਧਰ ਉਧਰ ਧੱਕੇ ਖਾ ਰਹੇ ਹਨ।

ਐਸੀ ਹਾਲਤ ਵਿਚ ਪੜ੍ਹੇ ਲਿਖੇ ਲੋਕਾਂ ਦਾ ਫਰਜ਼ ਬਣਦਾ ਹੈ ਕਿ ਉਹ ਬਾਬਾ ਸਾਹਿਬ ਦੇ ਕਾਰਵਾਂ ਨੂੰ ਅੱਗੇ ਲੈ ਕੇ ਜਾਣ।
